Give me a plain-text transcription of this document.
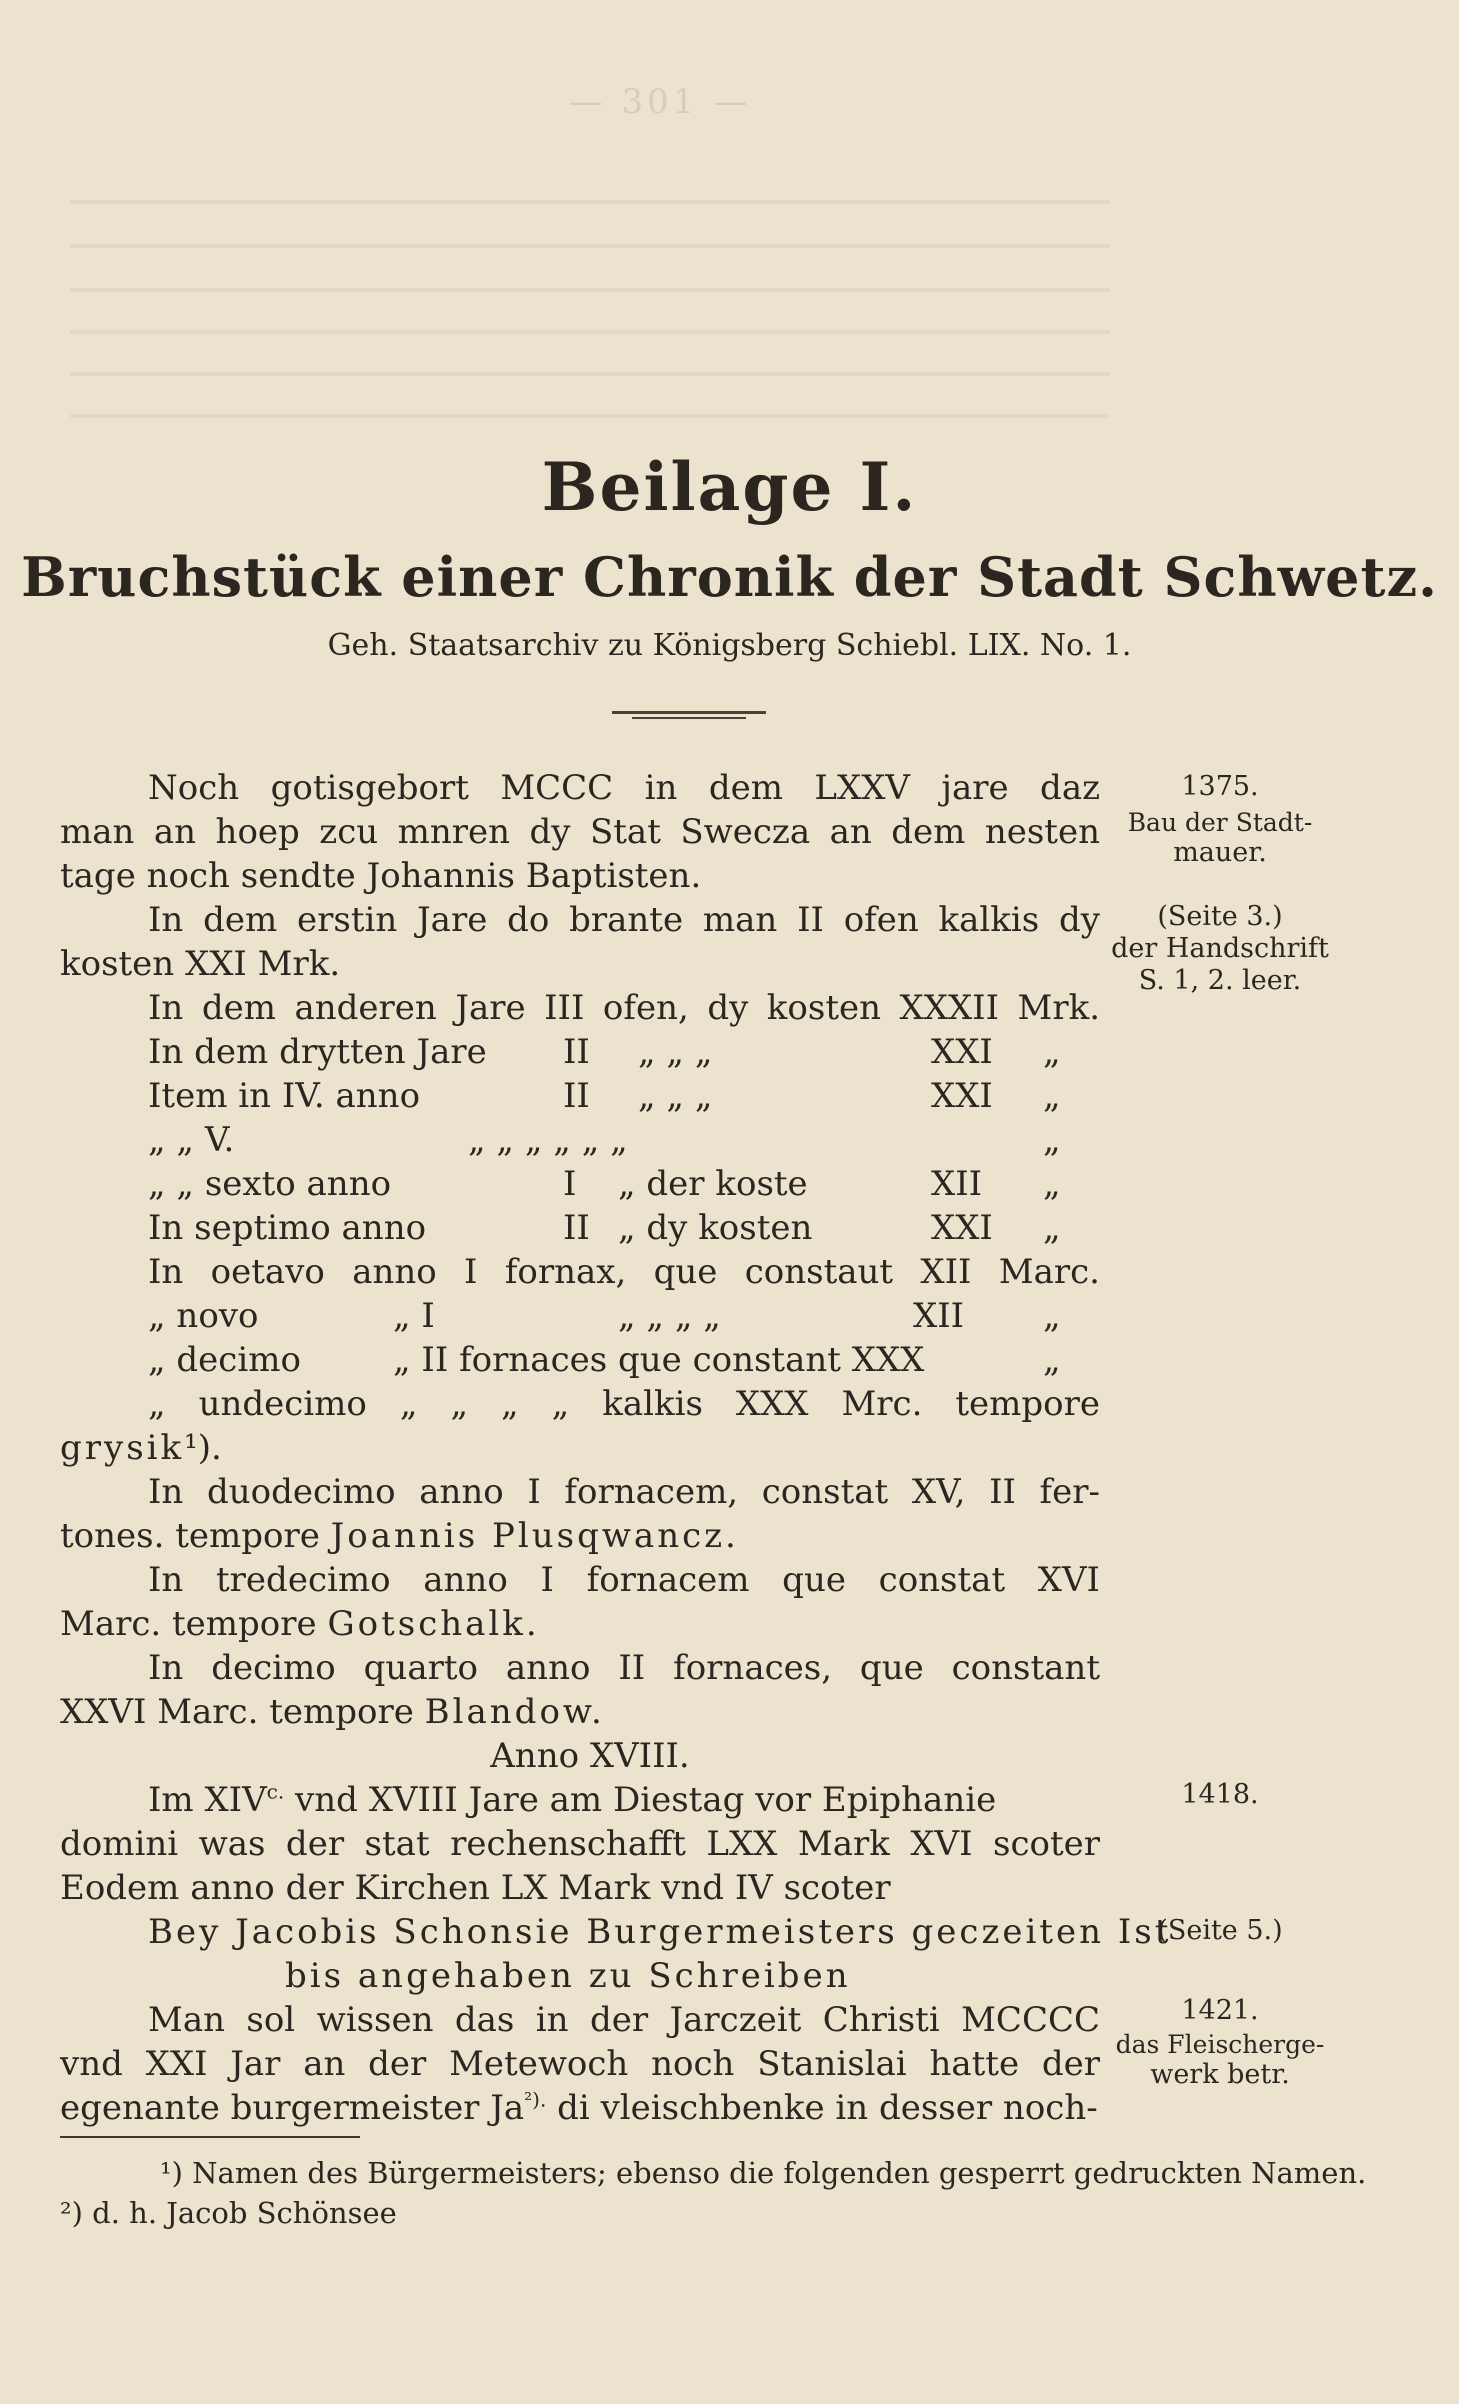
— 301 —
Beilage I.
Bruchstück einer Chronik der Stadt Schwetz.
Geh. Staatsarchiv zu Königsberg Schiebl. LIX. No. 1.
Noch gotisgebort MCCC in dem LXXV jare daz
man an hoep zcu mnren dy Stat Sweczа an dem nesten
tage noch sendte Johannis Baptisten.
In dem erstin Jare do brante man II ofen kalkis dy
kosten XXI Mrk.
In dem anderen Jare III ofen, dy kosten XXXII Mrk.
In dem drytten Jare II „ „ „	XXI „
Item in IV. anno	II „ „ „	XXI „
„ „ V.	„ „ „ „ „ „	„
„ „ sexto anno	I „ der koste	XII „
In septimo anno	II „ dy kosten	XXI „
In oetavo anno I fornax, que constaut XII Marc.
„ novo	„ I	„ „ „ „	XII „
„ decimo	„ II fornaces que constant XXX	„
„ undecimo „ „ „ „ kalkis XXX Mrc. tempore
grysik¹).
In duodecimo anno I fornacem, constat XV, II fer-
tones. tempore Joannis Plusqwancz.
In tredecimo anno I fornacem que constat XVI
Marc. tempore Gotschalk.
In decimo quarto anno II fornaces, que constant
XXVI Marc. tempore Blandow.
Anno XVIII.
Im $XIV^{c.}$ vnd XVIII Jare am Diestag vor Epiphanie
domini was der stat rechenschafft LXX Mark XVI scoter
Eodem anno der Kirchen LX Mark vnd IV scoter
Bey Jacobis Schonsie Burgermeisters geczeiten Ist
bis angehaben zu Schreiben
Man sol wissen das in der Jarczeit Christi MCCCC
vnd XXI Jar an der Metewoch noch Stanislai hatte der
egenante burgermeister $Ja^{^2).}$ di vleischbenke in desser noch-
1375.
Bau der Stadt-
mauer.
(Seite 3.)
der Handschrift
S. 1, 2. leer.
1418.
(Seite 5.)
1421.
das Fleischerge-
werk betr.
¹) Namen des Bürgermeisters; ebenso die folgenden gesperrt gedruckten Namen.
²) d. h. Jacob Schönsee
